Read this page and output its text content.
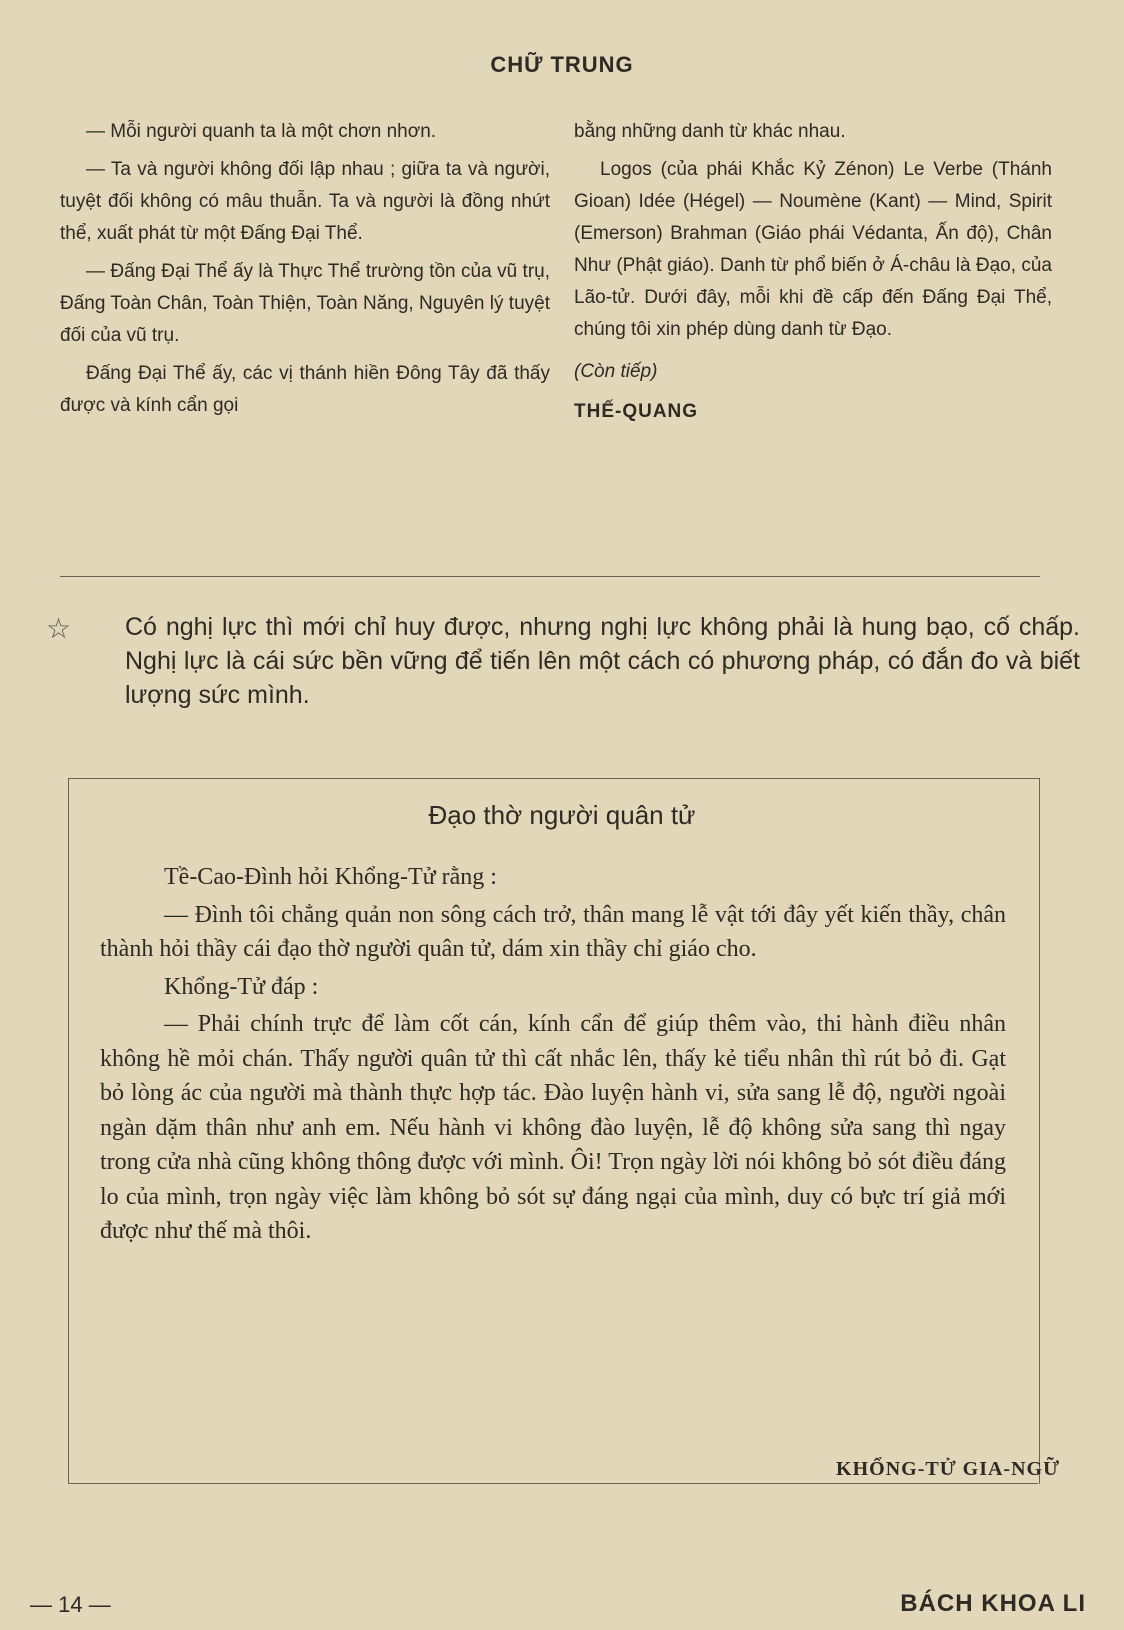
CHỮ TRUNG

— Mỗi người quanh ta là một chơn nhơn.

— Ta và người không đối lập nhau ; giữa ta và người, tuyệt đối không có mâu thuẫn. Ta và người là đồng nhứt thể, xuất phát từ một Đấng Đại Thể.

— Đấng Đại Thể ấy là Thực Thể trường tồn của vũ trụ, Đấng Toàn Chân, Toàn Thiện, Toàn Năng, Nguyên lý tuyệt đối của vũ trụ.

Đấng Đại Thể ấy, các vị thánh hiền Đông Tây đã thấy được và kính cẩn gọi

bằng những danh từ khác nhau.

Logos (của phái Khắc Kỷ Zénon) Le Verbe (Thánh Gioan) Idée (Hégel) — Noumène (Kant) — Mind, Spirit (Emerson) Brahman (Giáo phái Védanta, Ấn độ), Chân Như (Phật giáo). Danh từ phổ biến ở Á-châu là Đạo, của Lão-tử. Dưới đây, mỗi khi đề cấp đến Đấng Đại Thể, chúng tôi xin phép dùng danh từ Đạo.

(Còn tiếp)

THẾ-QUANG

☆ Có nghị lực thì mới chỉ huy được, nhưng nghị lực không phải là hung bạo, cố chấp. Nghị lực là cái sức bền vững để tiến lên một cách có phương pháp, có đắn đo và biết lượng sức mình.
Đạo thờ người quân tử

Tề-Cao-Đình hỏi Khổng-Tử rằng :

— Đình tôi chẳng quản non sông cách trở, thân mang lễ vật tới đây yết kiến thầy, chân thành hỏi thầy cái đạo thờ người quân tử, dám xin thầy chỉ giáo cho.

Khổng-Tử đáp :

— Phải chính trực để làm cốt cán, kính cẩn để giúp thêm vào, thi hành điều nhân không hề mỏi chán. Thấy người quân tử thì cất nhắc lên, thấy kẻ tiểu nhân thì rút bỏ đi. Gạt bỏ lòng ác của người mà thành thực hợp tác. Đào luyện hành vi, sửa sang lễ độ, người ngoài ngàn dặm thân như anh em. Nếu hành vi không đào luyện, lễ độ không sửa sang thì ngay trong cửa nhà cũng không thông được với mình. Ôi! Trọn ngày lời nói không bỏ sót điều đáng lo của mình, trọn ngày việc làm không bỏ sót sự đáng ngại của mình, duy có bực trí giả mới được như thế mà thôi.

KHỔNG-TỬ GIA-NGỮ
— 14 —	BÁCH KHOA LI
